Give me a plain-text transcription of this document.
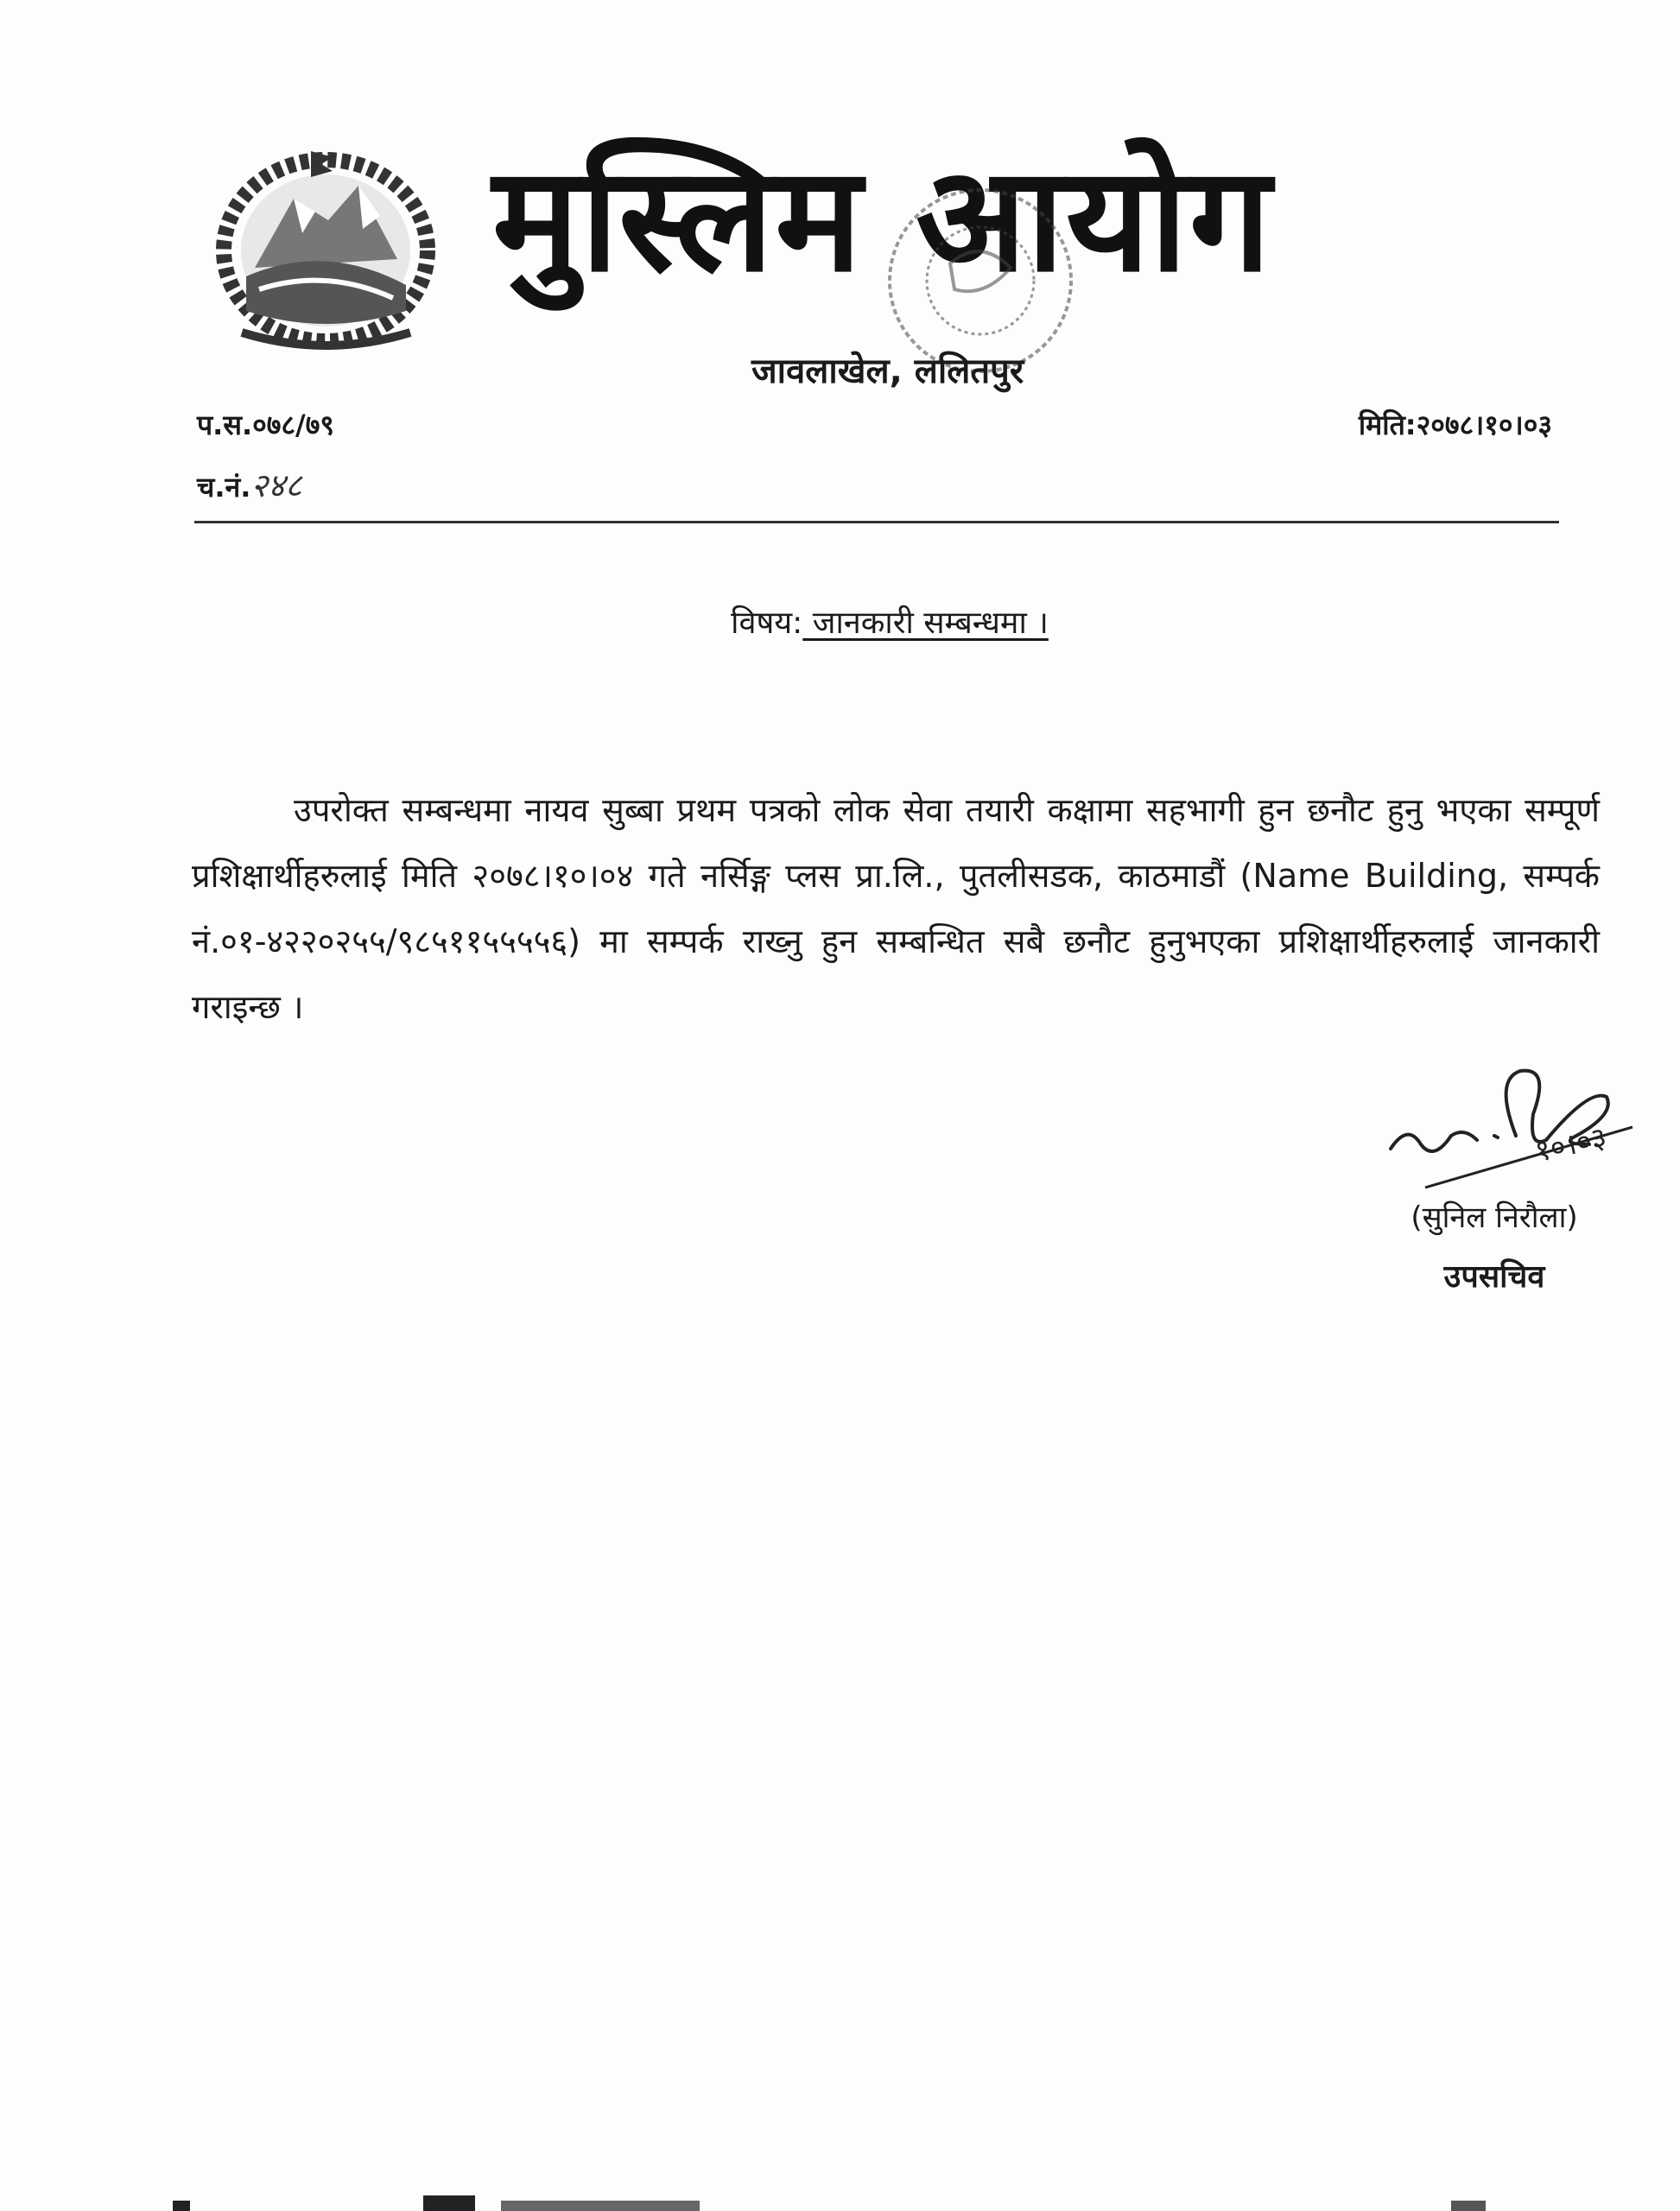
मुस्लिम आयोग
जावलाखेल, ललितपुर
प.स.०७८/७९
च.नं.२४८
मिति:२०७८।१०।०३
विषय: जानकारी सम्बन्धमा ।

उपरोक्त सम्बन्धमा नायव सुब्बा प्रथम पत्रको लोक सेवा तयारी कक्षामा सहभागी हुन छनौट हुनु भएका सम्पूर्ण प्रशिक्षार्थीहरुलाई मिति २०७८।१०।०४ गते नर्सिङ्ग प्लस प्रा.लि., पुतलीसडक, काठमाडौं (Name Building, सम्पर्क नं.०१-४२२०२५५/९८५११५५५५६) मा सम्पर्क राख्नु हुन सम्बन्धित सबै छनौट हुनुभएका प्रशिक्षार्थीहरुलाई जानकारी गराइन्छ ।

१०।०३
(सुनिल निरौला)
उपसचिव
